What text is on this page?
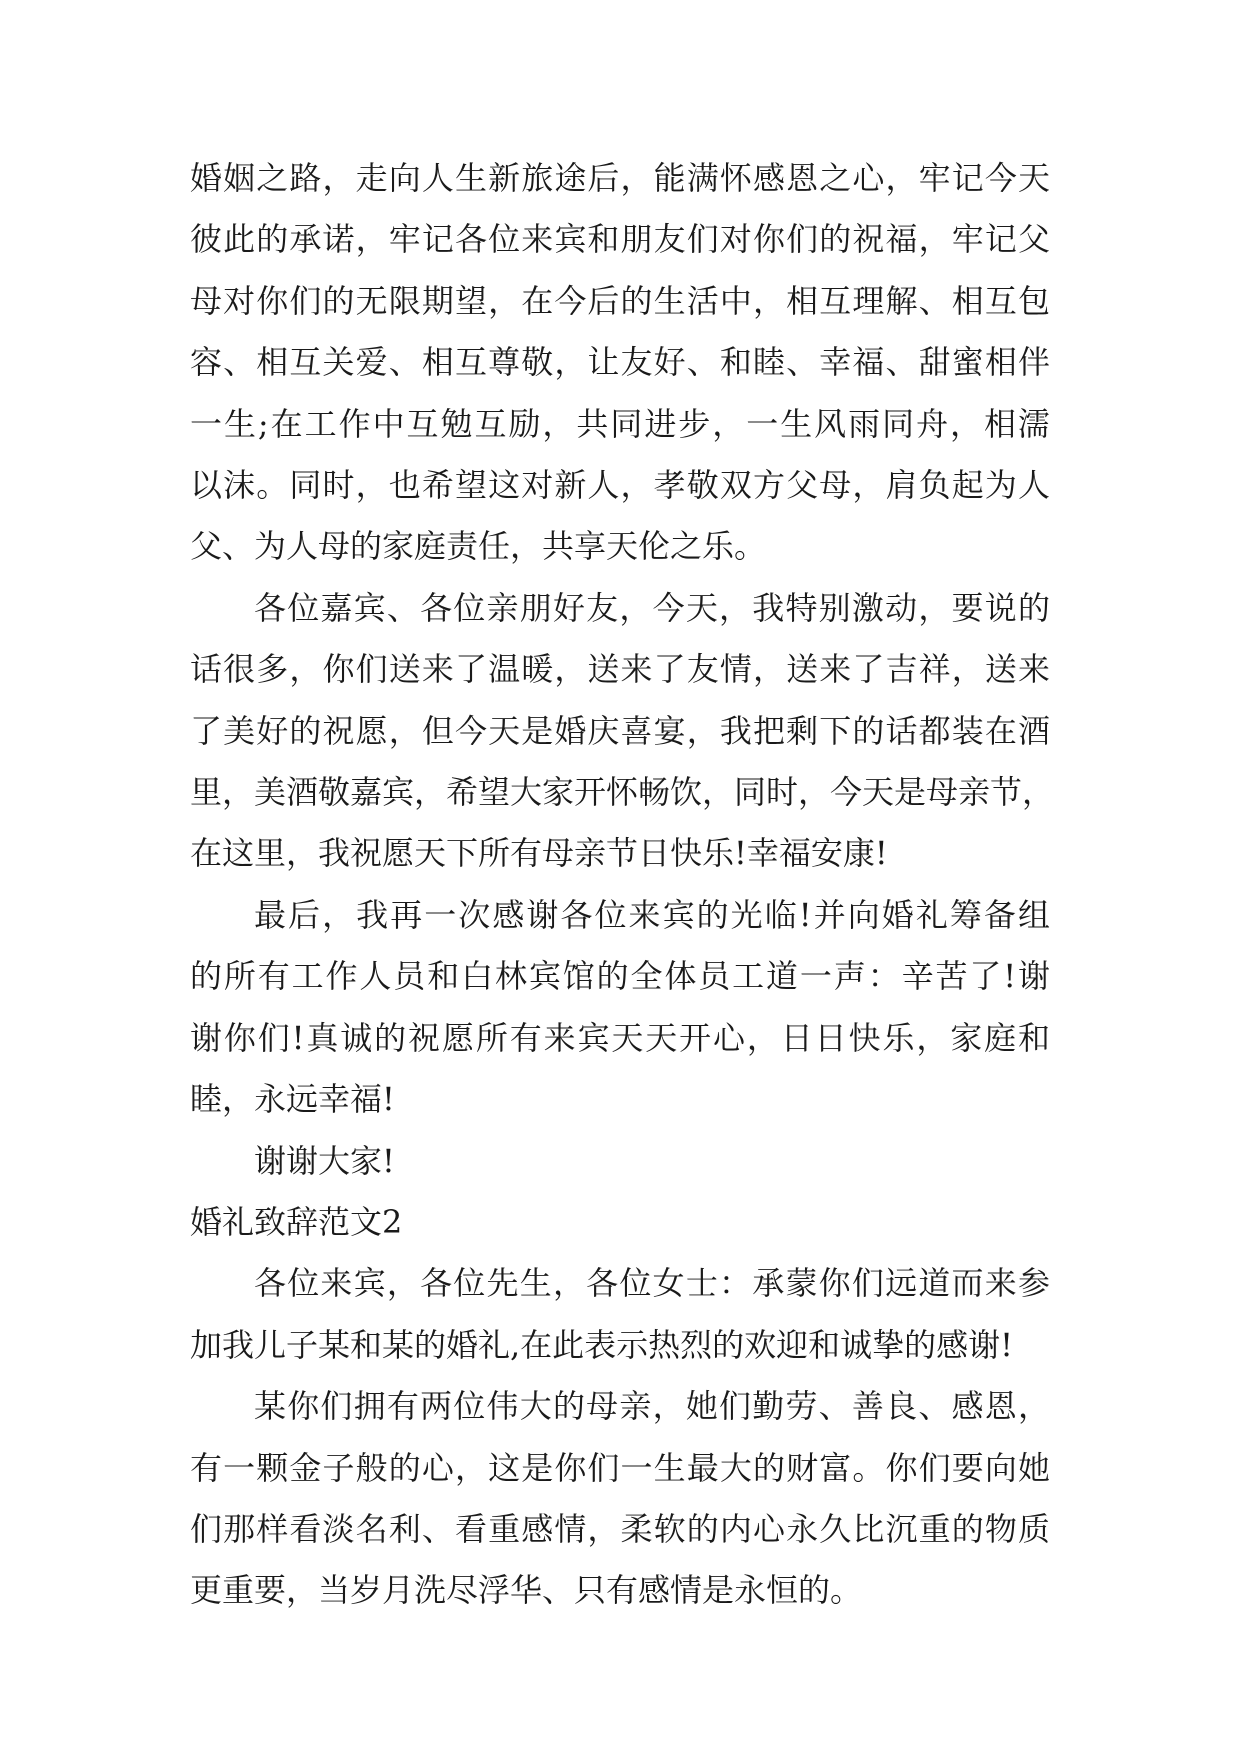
婚姻之路，走向人生新旅途后，能满怀感恩之心，牢记今天
彼此的承诺，牢记各位来宾和朋友们对你们的祝福，牢记父
母对你们的无限期望，在今后的生活中，相互理解、相互包
容、相互关爱、相互尊敬，让友好、和睦、幸福、甜蜜相伴
一生;在工作中互勉互励，共同进步，一生风雨同舟，相濡
以沫。同时，也希望这对新人，孝敬双方父母，肩负起为人
父、为人母的家庭责任，共享天伦之乐。
各位嘉宾、各位亲朋好友，今天，我特别激动，要说的
话很多，你们送来了温暖，送来了友情，送来了吉祥，送来
了美好的祝愿，但今天是婚庆喜宴，我把剩下的话都装在酒
里，美酒敬嘉宾，希望大家开怀畅饮，同时，今天是母亲节，
在这里，我祝愿天下所有母亲节日快乐!幸福安康!
最后，我再一次感谢各位来宾的光临!并向婚礼筹备组
的所有工作人员和白林宾馆的全体员工道一声：辛苦了!谢
谢你们!真诚的祝愿所有来宾天天开心，日日快乐，家庭和
睦，永远幸福!
谢谢大家!
婚礼致辞范文2
各位来宾，各位先生，各位女士：承蒙你们远道而来参
加我儿子某和某的婚礼,在此表示热烈的欢迎和诚挚的感谢!
某你们拥有两位伟大的母亲，她们勤劳、善良、感恩，
有一颗金子般的心，这是你们一生最大的财富。你们要向她
们那样看淡名利、看重感情，柔软的内心永久比沉重的物质
更重要，当岁月洗尽浮华、只有感情是永恒的。
